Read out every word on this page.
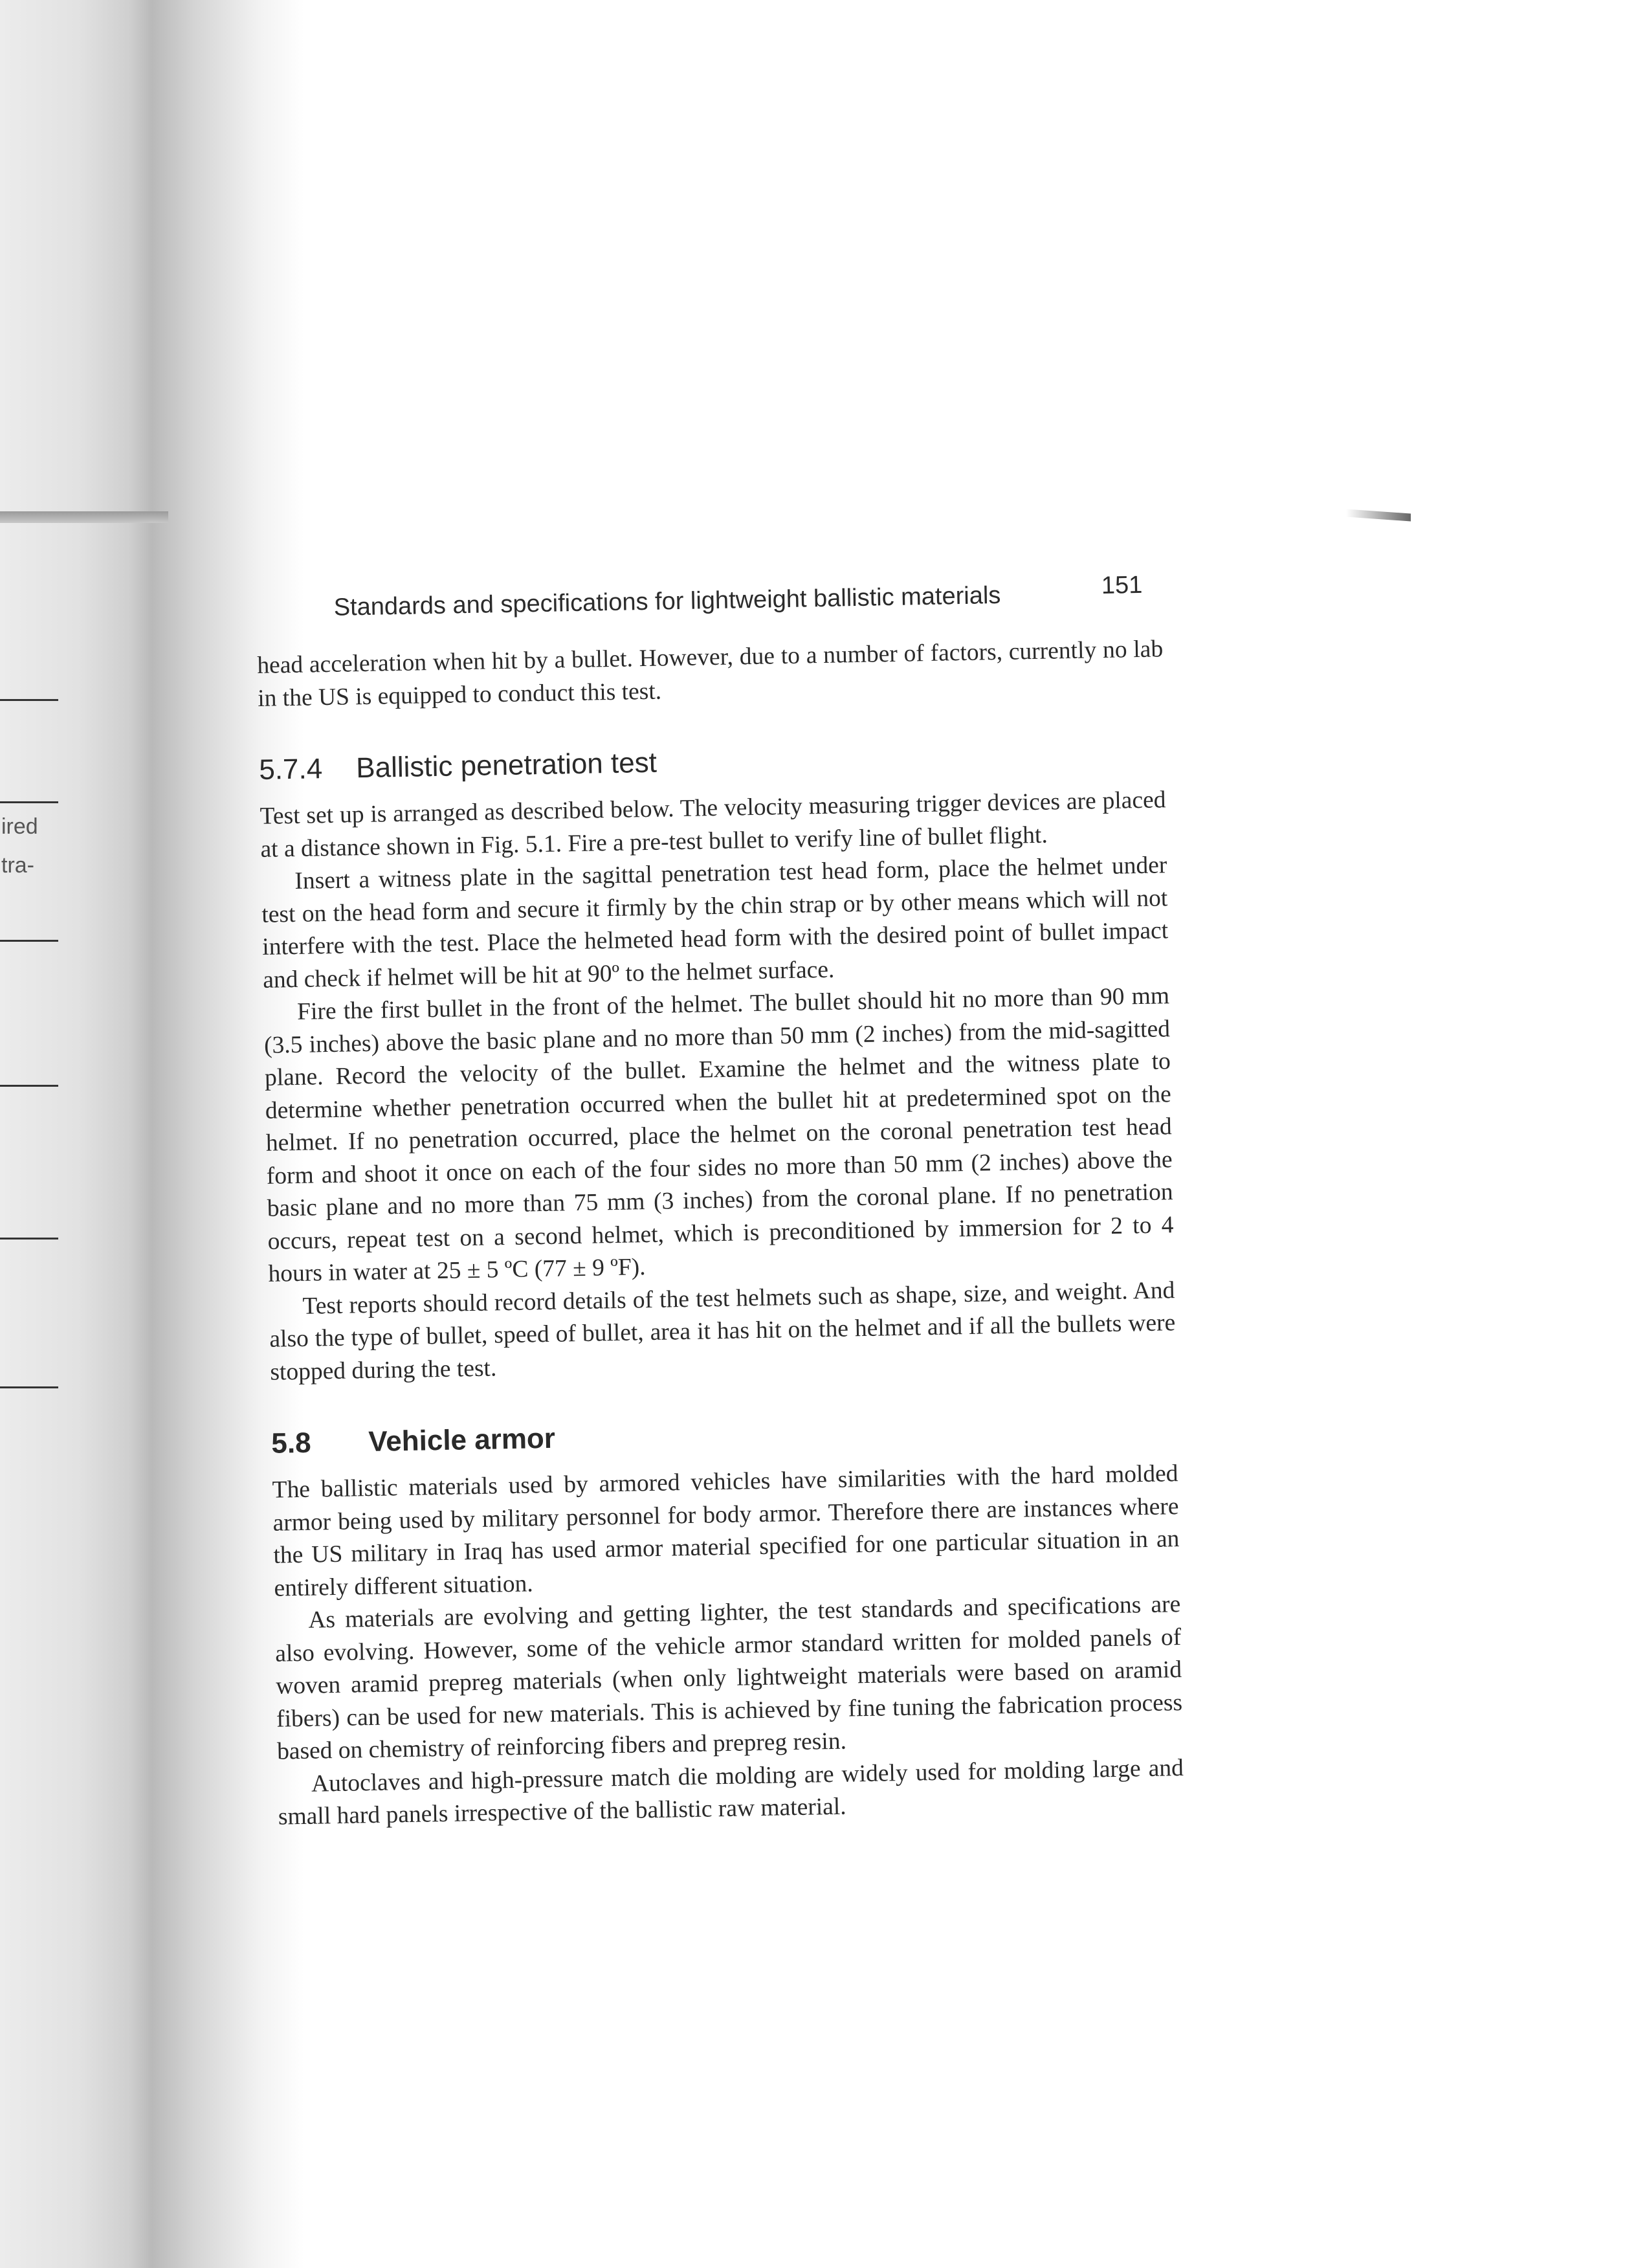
ired
tra-
Standards and specifications for lightweight ballistic materials	151

head acceleration when hit by a bullet. However, due to a number of factors, currently no lab in the US is equipped to conduct this test.

5.7.4 Ballistic penetration test

Test set up is arranged as described below. The velocity measuring trigger devices are placed at a distance shown in Fig. 5.1. Fire a pre-test bullet to verify line of bullet flight.

Insert a witness plate in the sagittal penetration test head form, place the helmet under test on the head form and secure it firmly by the chin strap or by other means which will not interfere with the test. Place the helmeted head form with the desired point of bullet impact and check if helmet will be hit at 90º to the helmet surface.

Fire the first bullet in the front of the helmet. The bullet should hit no more than 90 mm (3.5 inches) above the basic plane and no more than 50 mm (2 inches) from the mid-sagitted plane. Record the velocity of the bullet. Examine the helmet and the witness plate to determine whether penetration occurred when the bullet hit at predetermined spot on the helmet. If no penetration occurred, place the helmet on the coronal penetration test head form and shoot it once on each of the four sides no more than 50 mm (2 inches) above the basic plane and no more than 75 mm (3 inches) from the coronal plane. If no penetration occurs, repeat test on a second helmet, which is preconditioned by immersion for 2 to 4 hours in water at 25 ± 5 ºC (77 ± 9 ºF).

Test reports should record details of the test helmets such as shape, size, and weight. And also the type of bullet, speed of bullet, area it has hit on the helmet and if all the bullets were stopped during the test.

5.8 Vehicle armor

The ballistic materials used by armored vehicles have similarities with the hard molded armor being used by military personnel for body armor. Therefore there are instances where the US military in Iraq has used armor material specified for one particular situation in an entirely different situation.

As materials are evolving and getting lighter, the test standards and specifications are also evolving. However, some of the vehicle armor standard written for molded panels of woven aramid prepreg materials (when only lightweight materials were based on aramid fibers) can be used for new materials. This is achieved by fine tuning the fabrication process based on chemistry of reinforcing fibers and prepreg resin.

Autoclaves and high-pressure match die molding are widely used for molding large and small hard panels irrespective of the ballistic raw material.
